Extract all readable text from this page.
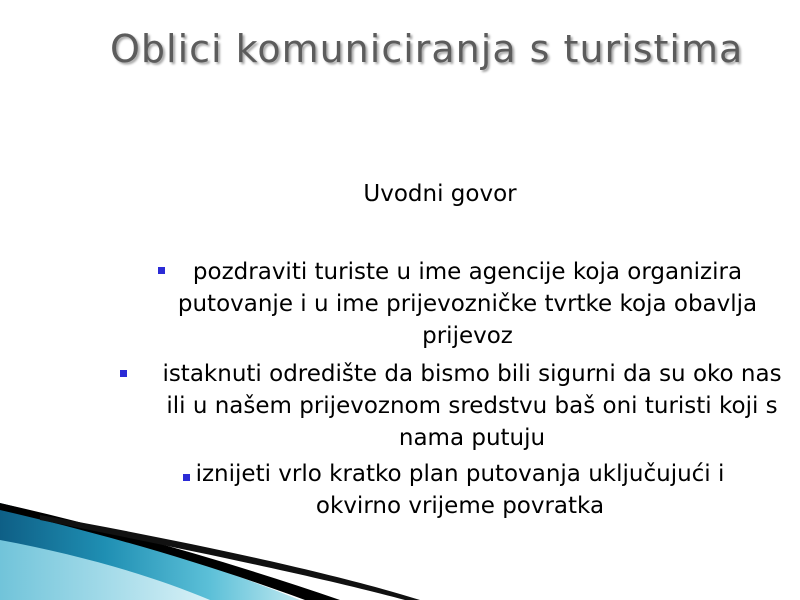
Oblici komuniciranja s turistima
Uvodni govor
pozdraviti turiste u ime agencije koja organizira putovanje i u ime prijevozničke tvrtke koja obavlja prijevoz
istaknuti odredište da bismo bili sigurni da su oko nas ili u našem prijevoznom sredstvu baš oni turisti koji s nama putuju
iznijeti vrlo kratko plan putovanja uključujući i okvirno vrijeme povratka
